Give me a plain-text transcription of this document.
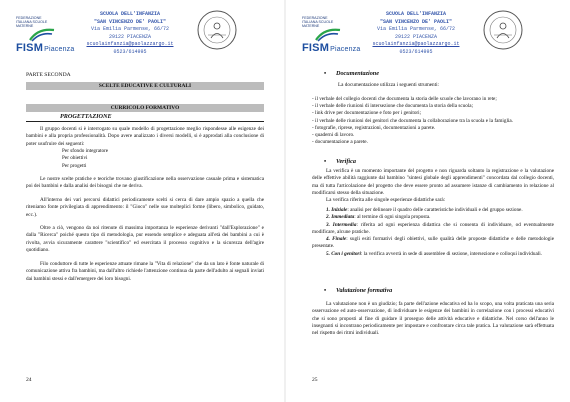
FEDERAZIONE ITALIANA SCUOLE MATERNE
FISMPiacenza
SCUOLA DELL'INFANZIA
"SAN VINCENZO DE' PAOLI"
Via Emilia Parmense, 66/72
29122 PIACENZA
scuolainfanzia@paolazzargo.it
0523/614995
PARTE SECONDA
SCELTE EDUCATIVE E CULTURALI
CURRICOLO FORMATIVO
PROGETTAZIONE
Il gruppo docenti si è interrogato su quale modello di progettazione meglio rispondesse alle esigenze dei bambini e alla propria professionalità. Dopo avere analizzato i diversi modelli, si è approdati alla conclusione di poter usufruire dei seguenti:
Per sfondo integratore
Per obiettivi
Per progetti
Le nostre scelte pratiche e teoriche trovano giustificazione nella osservazione casuale prima e sistematica poi dei bambini e dalla analisi dei bisogni che ne deriva.
All'interno dei vari percorsi didattici periodicamente scelti si cerca di dare ampio spazio a quella che riteniamo fonte privilegiata di apprendimento: il "Gioco" nelle sue molteplici forme (libero, simbolico, guidato, ecc.).
Oltre a ciò, vengono da noi ritenute di massima importanza le esperienze derivanti "dall'Esplorazione" e dalla "Ricerca" poiché questo tipo di metodologia, pur essendo semplice e adeguata all'età dei bambini a cui è rivolta, avvia sicuramente carattere "scientifico" ed esercitata il processo cognitivo e la sicurezza dell'agire quotidiano.
Filo conduttore di tutte le esperienze attuate rimane la "Vita di relazione" che da un lato è fonte naturale di comunicazione attiva fra bambini, ma dall'altro richiede l'attenzione continua da parte dell'adulto ai segnali inviati dai bambini stessi e dall'emergere dei loro bisogni.
24
FEDERAZIONE ITALIANA SCUOLE MATERNE
FISMPiacenza
SCUOLA DELL'INFANZIA
"SAN VINCENZO DE' PAOLI"
Via Emilia Parmense, 66/72
29122 PIACENZA
scuolainfanzia@paolazzargo.it
0523/614995
• Documentazione
La documentazione utilizza i seguenti strumenti:
- il verbale del collegio docenti che documenta la storia delle scuole che lavorano in rete;
- il verbale delle riunioni di intersezione che documenta la storia della scuola;
- link drive per documentazione e foto per i genitori;
- il verbale delle riunioni dei genitori che documenta la collaborazione tra la scuola e la famiglia.
- fotografie, riprese, registrazioni, documentazioni a parete.
- quaderni di lavoro.
- documentazione a parete.
• Verifica
La verifica è un momento importante del progetto e non riguarda soltanto la registrazione e la valutazione delle effettive abilità raggiunte dal bambino "sintesi globale degli apprendimenti" concordata dal collegio docenti, ma di tutta l'articolazione del progetto che deve essere pronto ad assumere istanze di cambiamento in relazione al modificarsi stesso della situazione.
La verifica riferita alle singole esperienze didattiche sarà:
1. Iniziale: analisi per delineare il quadro delle caratteristiche individuali e del gruppo sezione.
2. Immediata: al termine di ogni singola proposta.
3. Intermedia: riferita ad ogni esperienza didattica che si consenta di individuare, od eventualmente modificare, alcune pratiche.
4. Finale: sugli esiti formativi degli obiettivi, sulle qualità delle proposte didattiche e delle metodologie presentate.
5. Con i genitori: la verifica avverrà in sede di assemblee di sezione, intersezione e colloqui individuali.
• Valutazione formativa
La valutazione non è un giudizio; fa parte dell'azione educativa ed ha lo scopo, una volta praticata una seria osservazione ed auto-osservazione, di individuare le esigenze dei bambini in correlazione con i processi educativi che si sono proposti al fine di guidare il proseguo delle attività educative e didattiche. Nel corso dell'anno le insegnanti si incontrano periodicamente per impostare e confrontare circa tale pratica. La valutazione sarà effettuata nel rispetto dei ritmi individuali.
25
